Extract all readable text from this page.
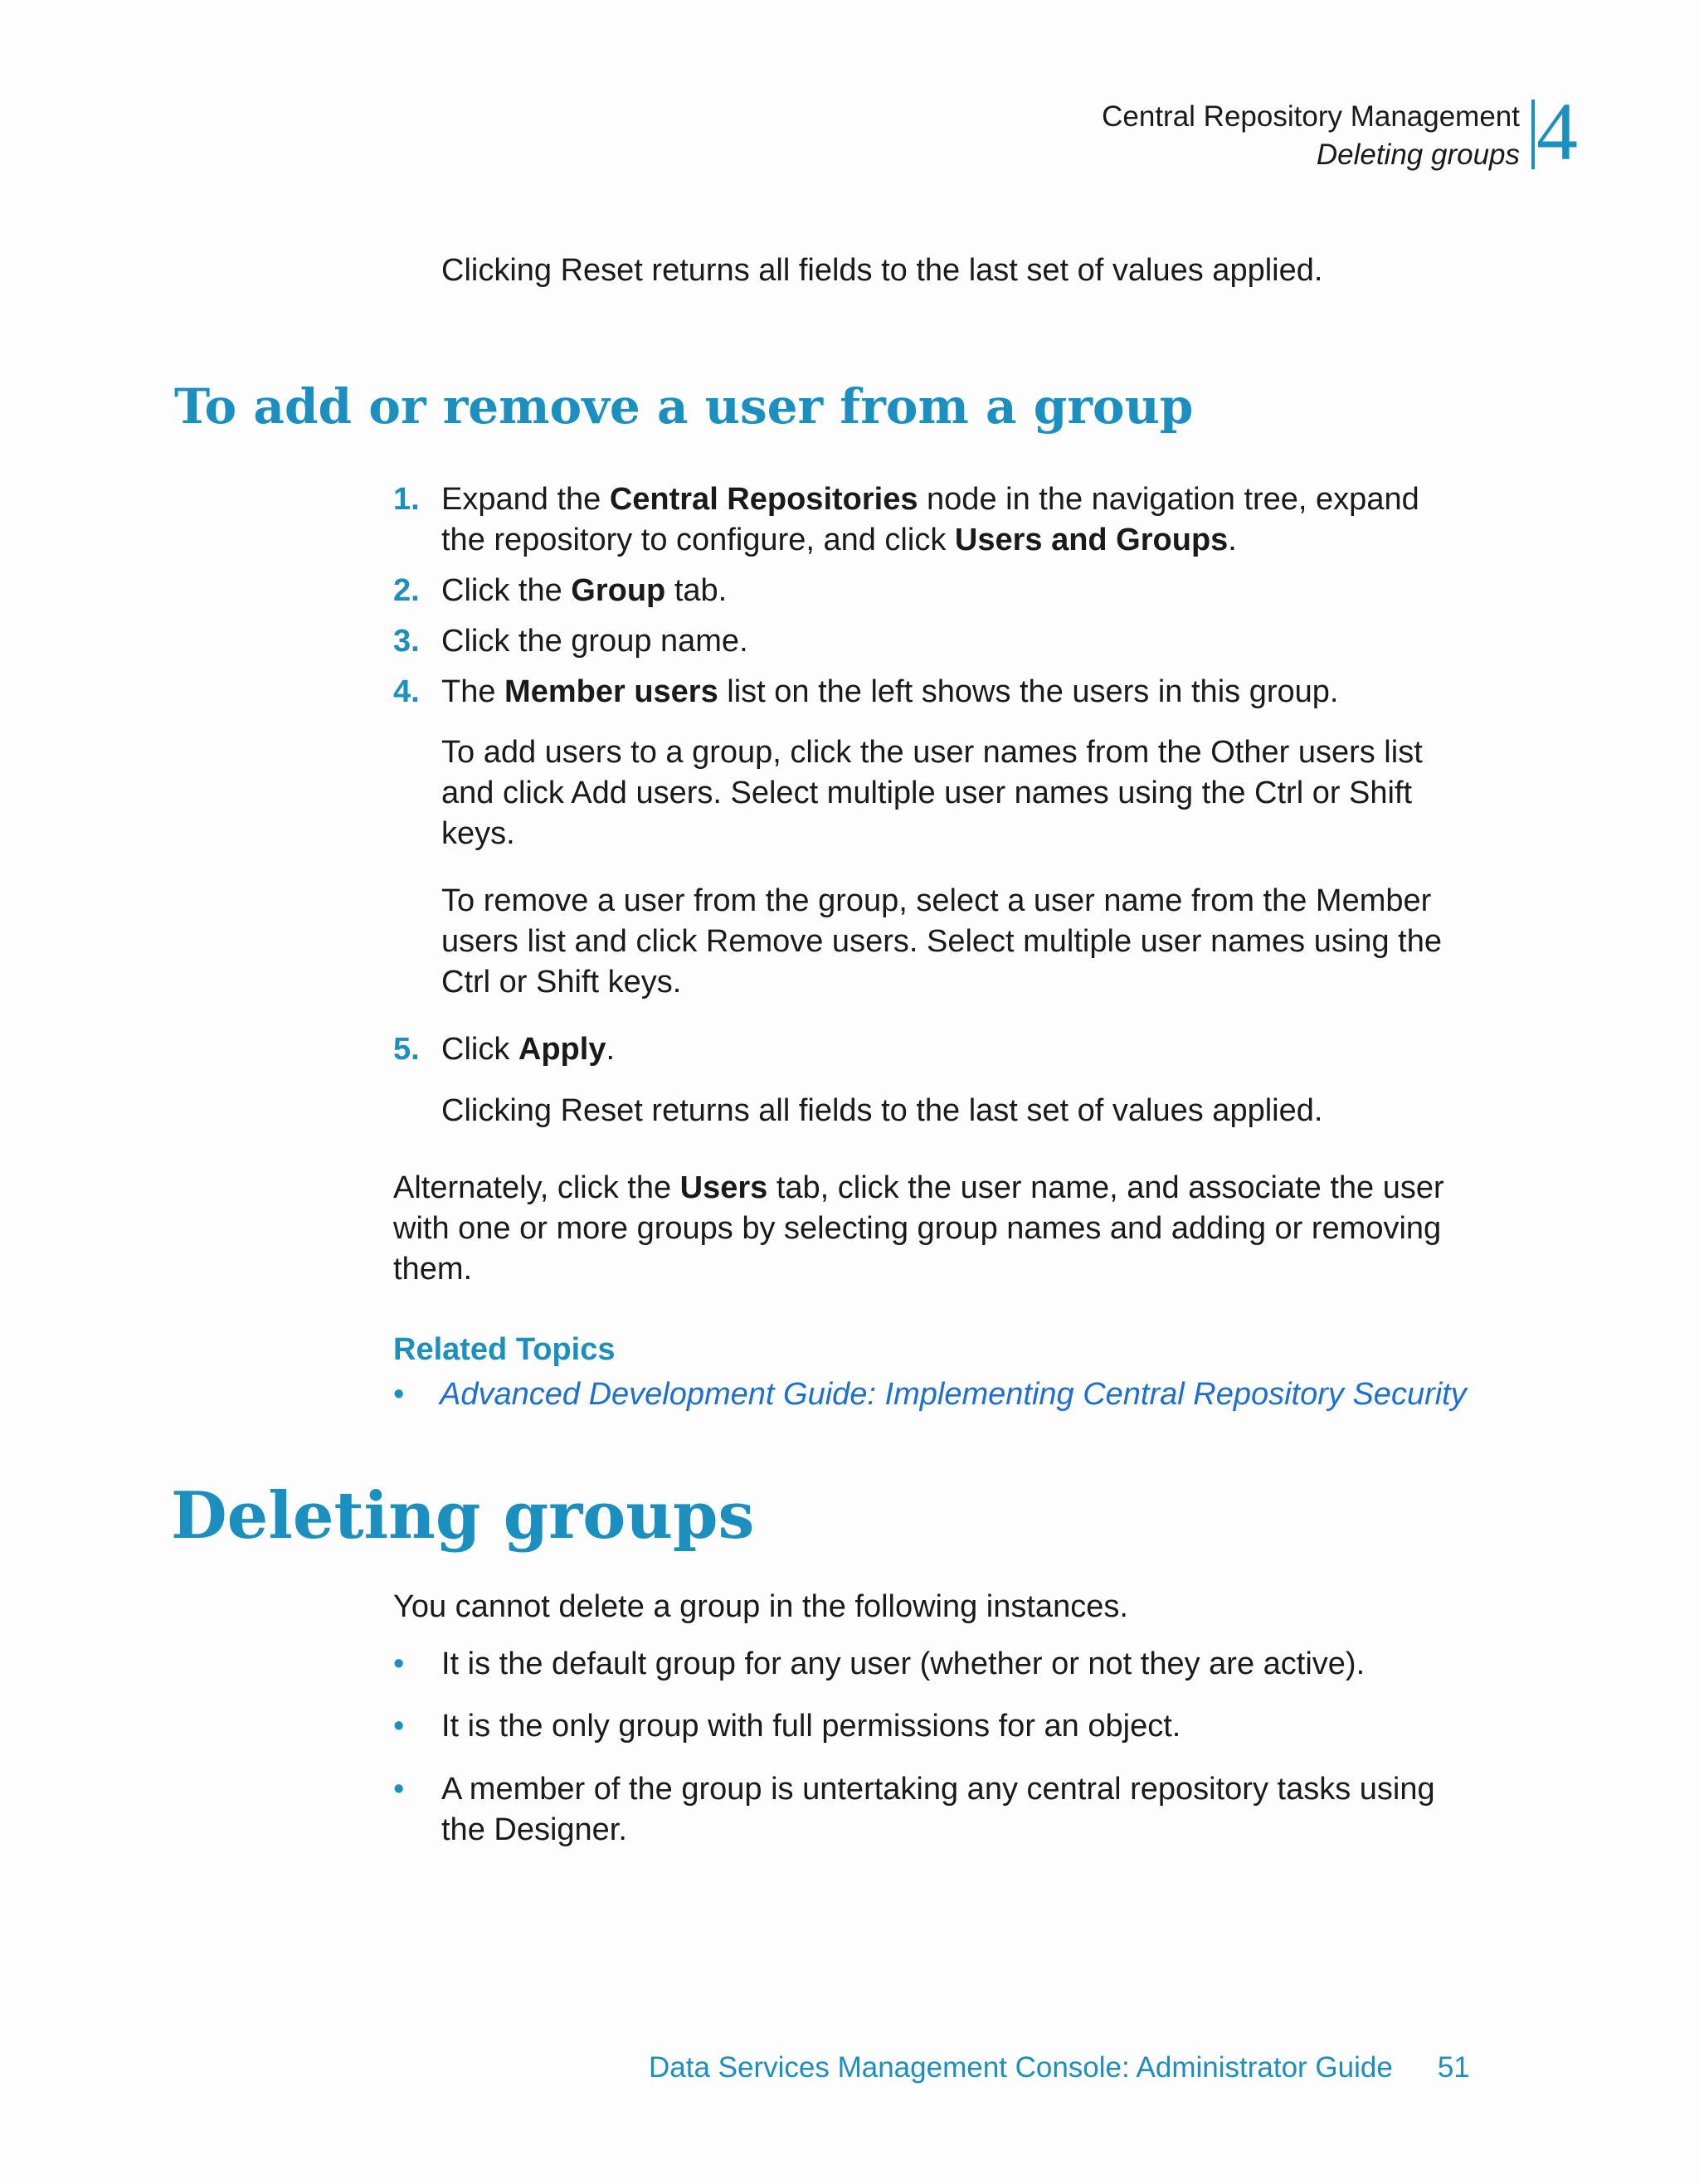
Central Repository Management
Deleting groups 4
Clicking Reset returns all fields to the last set of values applied.
To add or remove a user from a group
1. Expand the Central Repositories node in the navigation tree, expand
the repository to configure, and click Users and Groups.
2. Click the Group tab.
3. Click the group name.
4. The Member users list on the left shows the users in this group.
To add users to a group, click the user names from the Other users list
and click Add users. Select multiple user names using the Ctrl or Shift
keys.
To remove a user from the group, select a user name from the Member
users list and click Remove users. Select multiple user names using the
Ctrl or Shift keys.
5. Click Apply.
Clicking Reset returns all fields to the last set of values applied.
Alternately, click the Users tab, click the user name, and associate the user
with one or more groups by selecting group names and adding or removing
them.
Related Topics
• Advanced Development Guide: Implementing Central Repository Security
Deleting groups
You cannot delete a group in the following instances.
• It is the default group for any user (whether or not they are active).
• It is the only group with full permissions for an object.
• A member of the group is untertaking any central repository tasks using
the Designer.
Data Services Management Console: Administrator Guide 51
